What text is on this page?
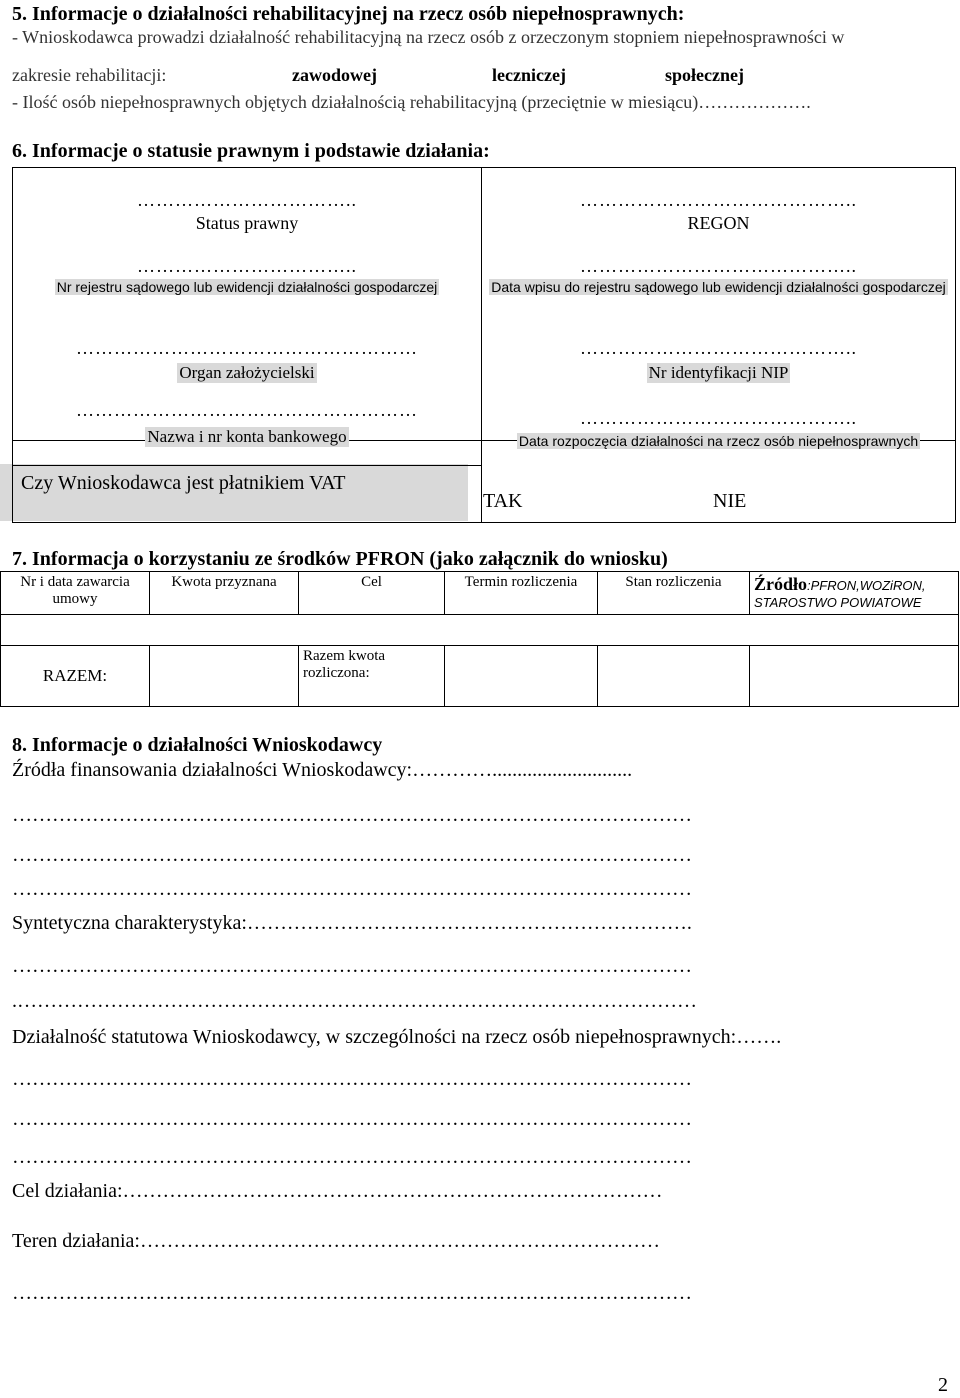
5. Informacje o działalności rehabilitacyjnej na rzecz osób niepełnosprawnych:
- Wnioskodawca prowadzi działalność rehabilitacyjną na rzecz osób z orzeczonym stopniem niepełnosprawności w
zakresie rehabilitacji:	zawodowej	leczniczej	społecznej
- Ilość osób niepełnosprawnych objętych działalnością rehabilitacyjną (przeciętnie w miesiącu)……………….
6. Informacje o statusie prawnym i podstawie działania:
……………………………..
Status prawny
……………………………………..
REGON
……………………………..
Nr rejestru sądowego lub ewidencji działalności gospodarczej
……………………………………..
Data wpisu do rejestru sądowego lub ewidencji działalności gospodarczej
………………………………………………
Organ założycielski
……………………………………..
Nr identyfikacji NIP
………………………………………………
Nazwa i nr konta bankowego
……………………………………..
Data rozpoczęcia działalności na rzecz osób niepełnosprawnych
Czy Wnioskodawca jest płatnikiem VAT
TAK	NIE
7. Informacja o korzystaniu ze środków PFRON (jako załącznik do wniosku)
Nr i data zawarcia umowy	Kwota przyznana	Cel	Termin rozliczenia	Stan rozliczenia	Źródło:PFRON,WOZiRON, STAROSTWO POWIATOWE

RAZEM:		Razem kwota rozliczona:			
8. Informacje o działalności Wnioskodawcy
Źródła finansowania działalności Wnioskodawcy:…………............................
…………………………………………………………………………………………
…………………………………………………………………………………………
…………………………………………………………………………………………
Syntetyczna charakterystyka:………………………………………………………….
…………………………………………………………………………………………
.…………………………………………………………………………………………
Działalność statutowa Wnioskodawcy, w szczególności na rzecz osób niepełnosprawnych:…….
…………………………………………………………………………………………
…………………………………………………………………………………………
…………………………………………………………………………………………
Cel działania:………………………………………………………………………
Teren działania:……………………………………………………………………
…………………………………………………………………………………………
2
